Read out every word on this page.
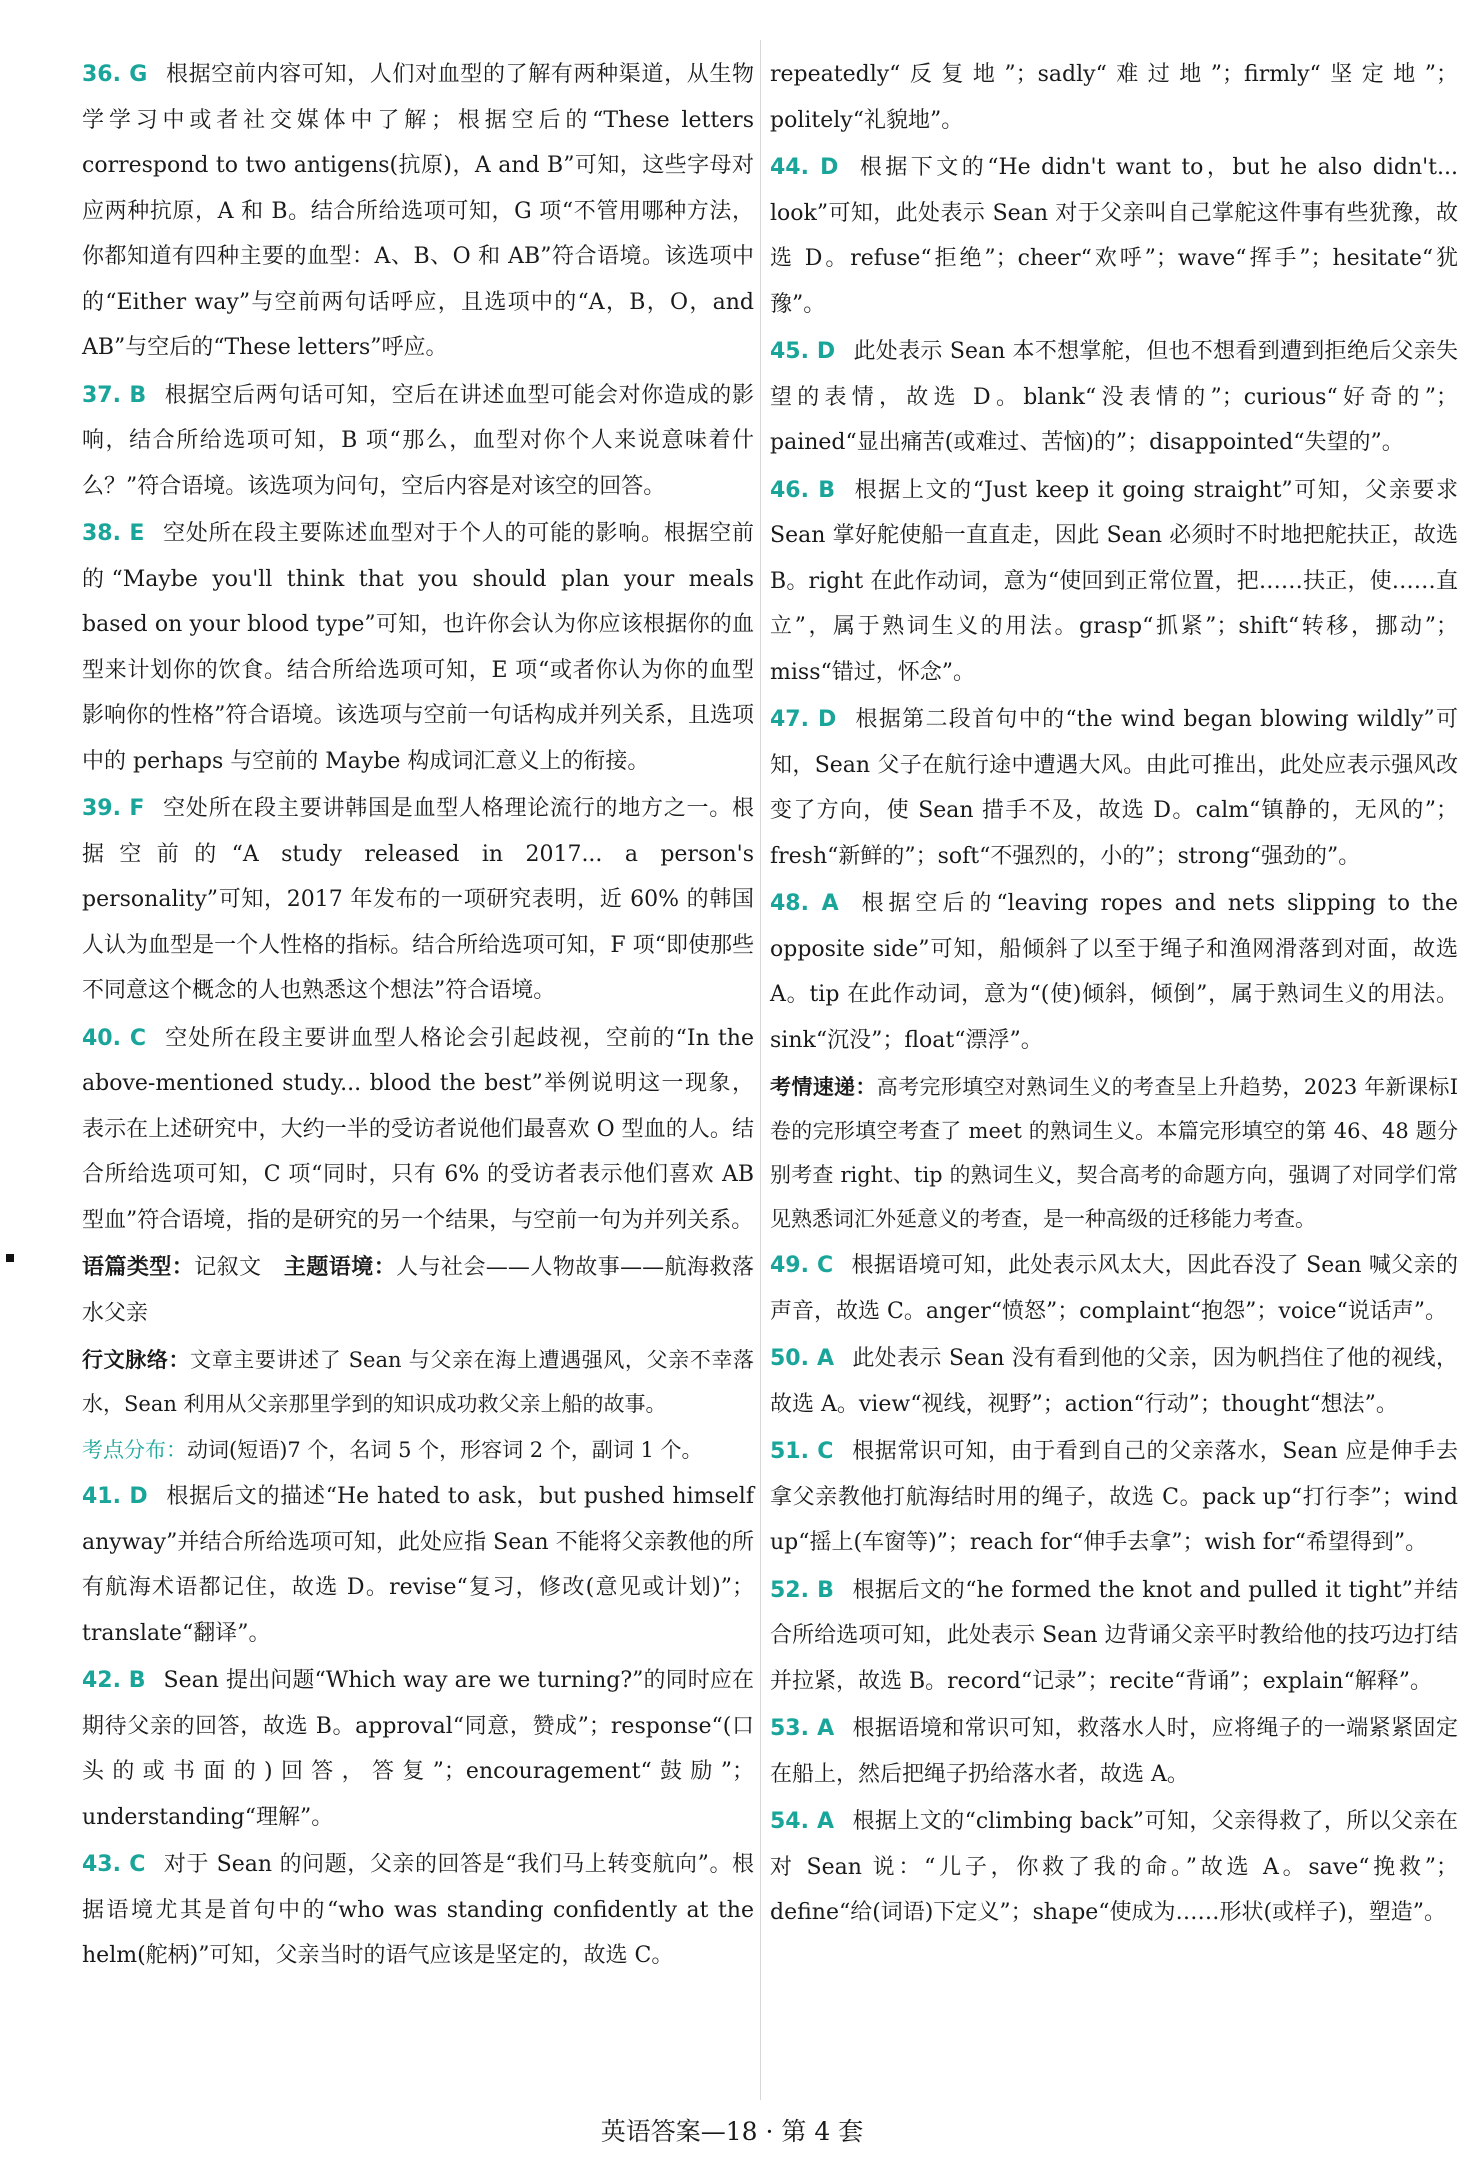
36. G 根据空前内容可知，人们对血型的了解有两种渠道，从生物学学习中或者社交媒体中了解；根据空后的“These letters correspond to two antigens(抗原)，A and B”可知，这些字母对应两种抗原，A 和 B。结合所给选项可知，G 项“不管用哪种方法，你都知道有四种主要的血型：A、B、O 和 AB”符合语境。该选项中的“Either way”与空前两句话呼应，且选项中的“A，B，O，and AB”与空后的“These letters”呼应。

37. B 根据空后两句话可知，空后在讲述血型可能会对你造成的影响，结合所给选项可知，B 项“那么，血型对你个人来说意味着什么？”符合语境。该选项为问句，空后内容是对该空的回答。

38. E 空处所在段主要陈述血型对于个人的可能的影响。根据空前的“Maybe you'll think that you should plan your meals based on your blood type”可知，也许你会认为你应该根据你的血型来计划你的饮食。结合所给选项可知，E 项“或者你认为你的血型影响你的性格”符合语境。该选项与空前一句话构成并列关系，且选项中的 perhaps 与空前的 Maybe 构成词汇意义上的衔接。

39. F 空处所在段主要讲韩国是血型人格理论流行的地方之一。根据空前的“A study released in 2017... a person's personality”可知，2017 年发布的一项研究表明，近 60% 的韩国人认为血型是一个人性格的指标。结合所给选项可知，F 项“即使那些不同意这个概念的人也熟悉这个想法”符合语境。

40. C 空处所在段主要讲血型人格论会引起歧视，空前的“In the above-mentioned study... blood the best”举例说明这一现象，表示在上述研究中，大约一半的受访者说他们最喜欢 O 型血的人。结合所给选项可知，C 项“同时，只有 6% 的受访者表示他们喜欢 AB 型血”符合语境，指的是研究的另一个结果，与空前一句为并列关系。

语篇类型：记叙文 主题语境：人与社会——人物故事——航海救落水父亲

行文脉络：文章主要讲述了 Sean 与父亲在海上遭遇强风，父亲不幸落水，Sean 利用从父亲那里学到的知识成功救父亲上船的故事。

考点分布：动词(短语)7 个，名词 5 个，形容词 2 个，副词 1 个。

41. D 根据后文的描述“He hated to ask，but pushed himself anyway”并结合所给选项可知，此处应指 Sean 不能将父亲教他的所有航海术语都记住，故选 D。revise“复习，修改(意见或计划)”；translate“翻译”。

42. B Sean 提出问题“Which way are we turning?”的同时应在期待父亲的回答，故选 B。approval“同意，赞成”；response“(口头的或书面的)回答，答复”；encouragement“鼓励”；understanding“理解”。

43. C 对于 Sean 的问题，父亲的回答是“我们马上转变航向”。根据语境尤其是首句中的“who was standing confidently at the helm(舵柄)”可知，父亲当时的语气应该是坚定的，故选 C。

repeatedly“反复地”；sadly“难过地”；firmly“坚定地”；politely“礼貌地”。

44. D 根据下文的“He didn't want to，but he also didn't... look”可知，此处表示 Sean 对于父亲叫自己掌舵这件事有些犹豫，故选 D。refuse“拒绝”；cheer“欢呼”；wave“挥手”；hesitate“犹豫”。

45. D 此处表示 Sean 本不想掌舵，但也不想看到遭到拒绝后父亲失望的表情，故选 D。blank“没表情的”；curious“好奇的”；pained“显出痛苦(或难过、苦恼)的”；disappointed“失望的”。

46. B 根据上文的“Just keep it going straight”可知，父亲要求 Sean 掌好舵使船一直直走，因此 Sean 必须时不时地把舵扶正，故选 B。right 在此作动词，意为“使回到正常位置，把……扶正，使……直立”，属于熟词生义的用法。grasp“抓紧”；shift“转移，挪动”；miss“错过，怀念”。

47. D 根据第二段首句中的“the wind began blowing wildly”可知，Sean 父子在航行途中遭遇大风。由此可推出，此处应表示强风改变了方向，使 Sean 措手不及，故选 D。calm“镇静的，无风的”；fresh“新鲜的”；soft“不强烈的，小的”；strong“强劲的”。

48. A 根据空后的“leaving ropes and nets slipping to the opposite side”可知，船倾斜了以至于绳子和渔网滑落到对面，故选 A。tip 在此作动词，意为“(使)倾斜，倾倒”，属于熟词生义的用法。sink“沉没”；float“漂浮”。

考情速递：高考完形填空对熟词生义的考查呈上升趋势，2023 年新课标Ⅰ卷的完形填空考查了 meet 的熟词生义。本篇完形填空的第 46、48 题分别考查 right、tip 的熟词生义，契合高考的命题方向，强调了对同学们常见熟悉词汇外延意义的考查，是一种高级的迁移能力考查。

49. C 根据语境可知，此处表示风太大，因此吞没了 Sean 喊父亲的声音，故选 C。anger“愤怒”；complaint“抱怨”；voice“说话声”。

50. A 此处表示 Sean 没有看到他的父亲，因为帆挡住了他的视线，故选 A。view“视线，视野”；action“行动”；thought“想法”。

51. C 根据常识可知，由于看到自己的父亲落水，Sean 应是伸手去拿父亲教他打航海结时用的绳子，故选 C。pack up“打行李”；wind up“摇上(车窗等)”；reach for“伸手去拿”；wish for“希望得到”。

52. B 根据后文的“he formed the knot and pulled it tight”并结合所给选项可知，此处表示 Sean 边背诵父亲平时教给他的技巧边打结并拉紧，故选 B。record“记录”；recite“背诵”；explain“解释”。

53. A 根据语境和常识可知，救落水人时，应将绳子的一端紧紧固定在船上，然后把绳子扔给落水者，故选 A。

54. A 根据上文的“climbing back”可知，父亲得救了，所以父亲在对 Sean 说：“儿子，你救了我的命。”故选 A。save“挽救”；define“给(词语)下定义”；shape“使成为……形状(或样子)，塑造”。

英语答案—18 · 第 4 套
